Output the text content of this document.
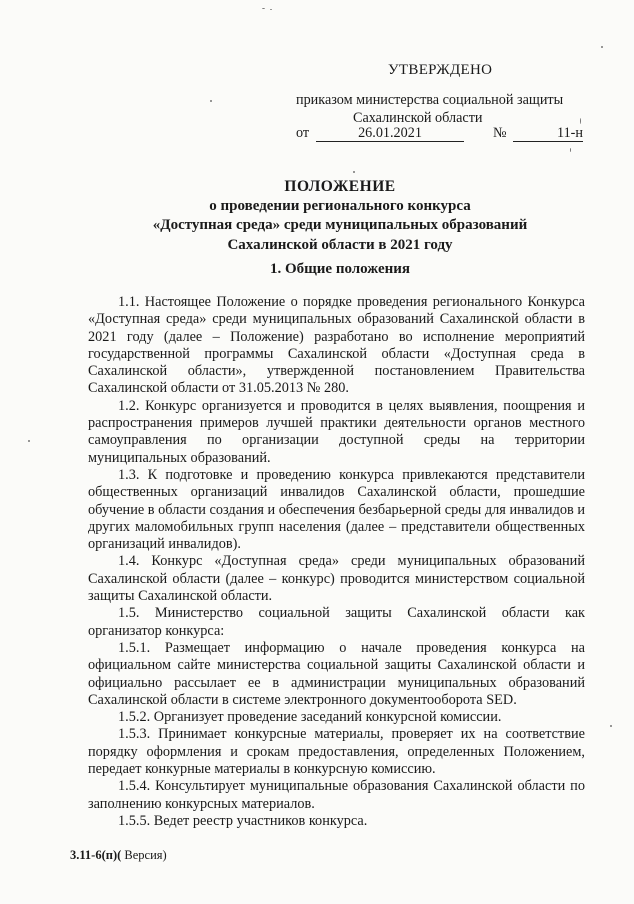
УТВЕРЖДЕНО
приказом министерства социальной защиты
Сахалинской области
от	26.01.2021	№	11-н
ПОЛОЖЕНИЕ
о проведении регионального конкурса
«Доступная среда» среди муниципальных образований
Сахалинской области в 2021 году
1. Общие положения

1.1. Настоящее Положение о порядке проведения регионального Конкурса «Доступная среда» среди муниципальных образований Сахалинской области в 2021 году (далее – Положение) разработано во исполнение мероприятий государственной программы Сахалинской области «Доступная среда в Сахалинской области», утвержденной постановлением Правительства Сахалинской области от 31.05.2013 № 280.

1.2. Конкурс организуется и проводится в целях выявления, поощрения и распространения примеров лучшей практики деятельности органов местного самоуправления по организации доступной среды на территории муниципальных образований.

1.3. К подготовке и проведению конкурса привлекаются представители общественных организаций инвалидов Сахалинской области, прошедшие обучение в области создания и обеспечения безбарьерной среды для инвалидов и других маломобильных групп населения (далее – представители общественных организаций инвалидов).

1.4. Конкурс «Доступная среда» среди муниципальных образований Сахалинской области (далее – конкурс) проводится министерством социальной защиты Сахалинской области.

1.5. Министерство социальной защиты Сахалинской области как организатор конкурса:

1.5.1. Размещает информацию о начале проведения конкурса на официальном сайте министерства социальной защиты Сахалинской области и официально рассылает ее в администрации муниципальных образований Сахалинской области в системе электронного документооборота SED.

1.5.2. Организует проведение заседаний конкурсной комиссии.

1.5.3. Принимает конкурсные материалы, проверяет их на соответствие порядку оформления и срокам предоставления, определенных Положением, передает конкурные материалы в конкурсную комиссию.

1.5.4. Консультирует муниципальные образования Сахалинской области по заполнению конкурсных материалов.

1.5.5. Ведет реестр участников конкурса.

3.11-6(п)( Версия)
